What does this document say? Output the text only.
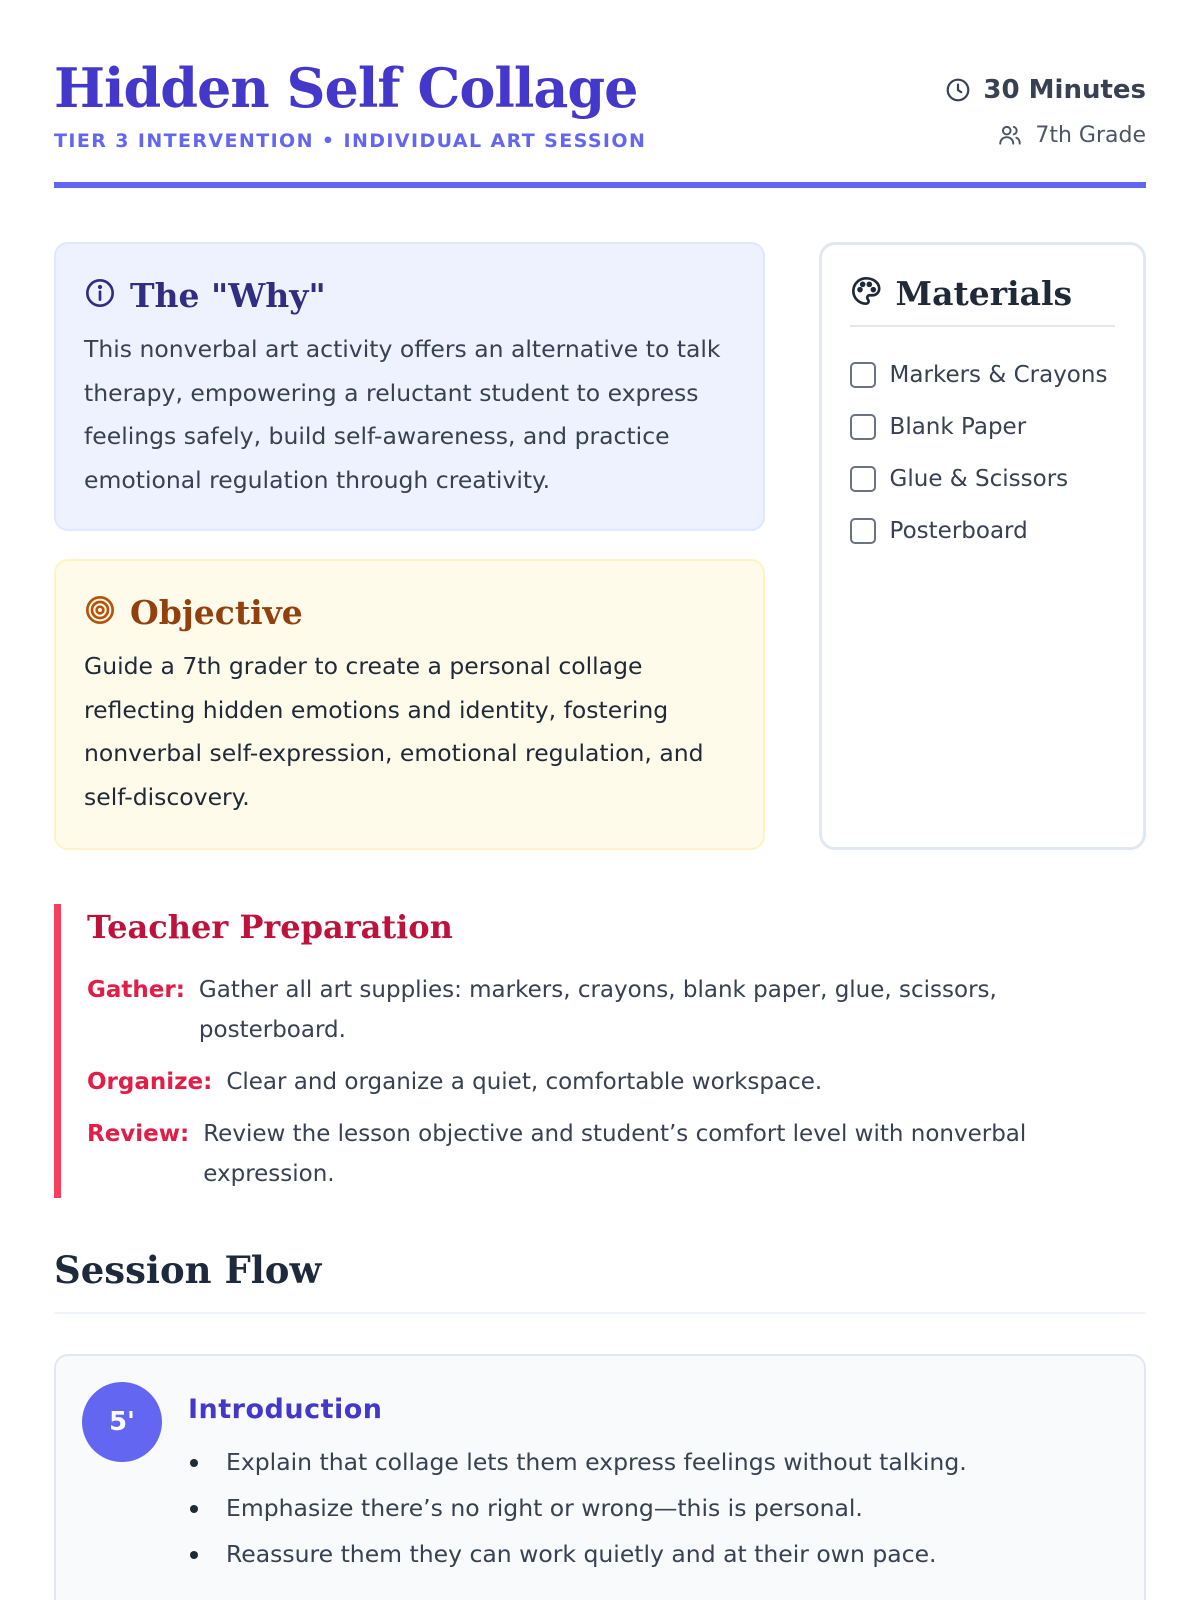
Hidden Self Collage
TIER 3 INTERVENTION • INDIVIDUAL ART SESSION
30 Minutes
7th Grade
The "Why"

This nonverbal art activity offers an alternative to talk therapy, empowering a reluctant student to express feelings safely, build self-awareness, and practice emotional regulation through creativity.

Objective

Guide a 7th grader to create a personal collage reflecting hidden emotions and identity, fostering nonverbal self-expression, emotional regulation, and self-discovery.

Materials
Markers & Crayons
Blank Paper
Glue & Scissors
Posterboard
Teacher Preparation
Gather: Gather all art supplies: markers, crayons, blank paper, glue, scissors, posterboard.
Organize: Clear and organize a quiet, comfortable workspace.
Review: Review the lesson objective and student’s comfort level with nonverbal expression.
Session Flow
5'	Introduction
Explain that collage lets them express feelings without talking.
Emphasize there’s no right or wrong—this is personal.
Reassure them they can work quietly and at their own pace.
